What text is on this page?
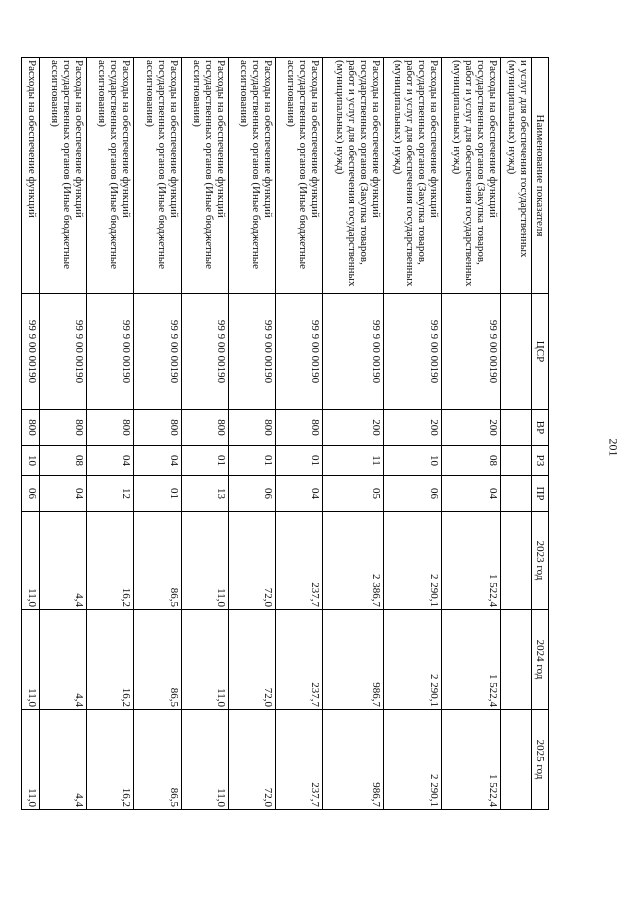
201
Наименование показателя	ЦСР	ВР	РЗ	ПР	2023 год	2024 год	2025 год
и услуг для обеспечения государственных (муниципальных) нужд)							
Расходы на обеспечение функций государственных органов (Закупка товаров, работ и услуг для обеспечения государственных (муниципальных) нужд)	99 9 00 00190	200	08	04	1 522,4	1 522,4	1 522,4
Расходы на обеспечение функций государственных органов (Закупка товаров, работ и услуг для обеспечения государственных (муниципальных) нужд)	99 9 00 00190	200	10	06	2 290,1	2 290,1	2 290,1
Расходы на обеспечение функций государственных органов (Закупка товаров, работ и услуг для обеспечения государственных (муниципальных) нужд)	99 9 00 00190	200	11	05	2 386,7	986,7	986,7
Расходы на обеспечение функций государственных органов (Иные бюджетные ассигнования)	99 9 00 00190	800	01	04	237,7	237,7	237,7
Расходы на обеспечение функций государственных органов (Иные бюджетные ассигнования)	99 9 00 00190	800	01	06	72,0	72,0	72,0
Расходы на обеспечение функций государственных органов (Иные бюджетные ассигнования)	99 9 00 00190	800	01	13	11,0	11,0	11,0
Расходы на обеспечение функций государственных органов (Иные бюджетные ассигнования)	99 9 00 00190	800	04	01	86,5	86,5	86,5
Расходы на обеспечение функций государственных органов (Иные бюджетные ассигнования)	99 9 00 00190	800	04	12	16,2	16,2	16,2
Расходы на обеспечение функций государственных органов (Иные бюджетные ассигнования)	99 9 00 00190	800	08	04	4,4	4,4	4,4
Расходы на обеспечение функций	99 9 00 00190	800	10	06	11,0	11,0	11,0
